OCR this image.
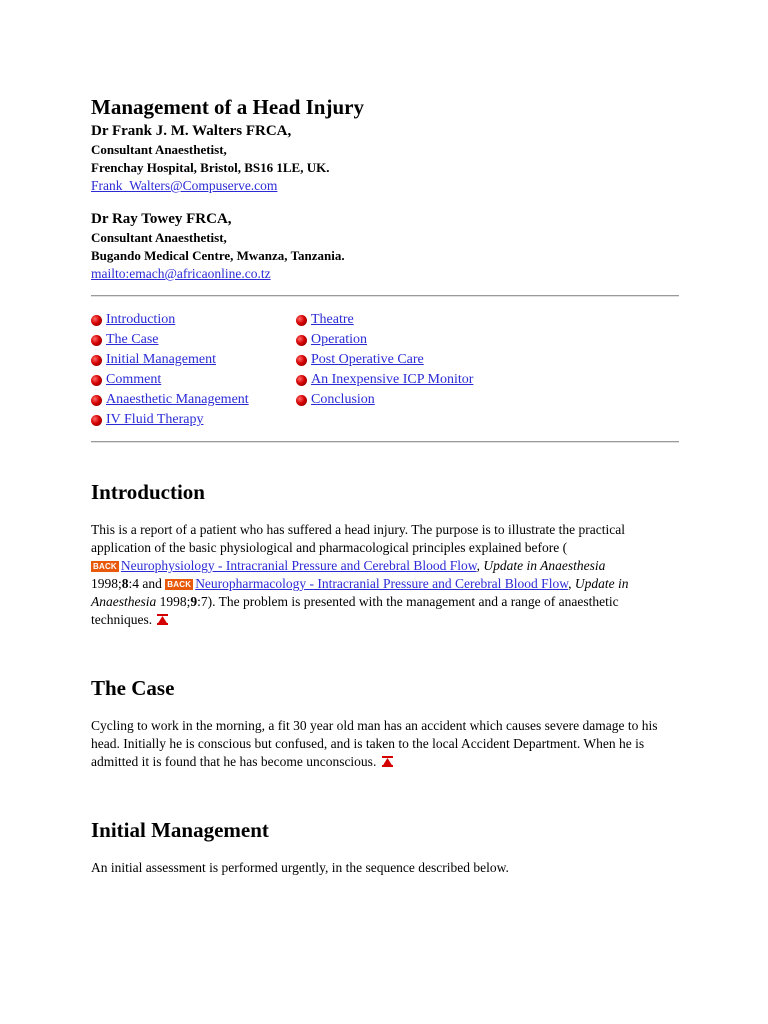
Management of a Head Injury
Dr Frank J. M. Walters FRCA,
Consultant Anaesthetist,
Frenchay Hospital, Bristol, BS16 1LE, UK.
Frank_Walters@Compuserve.com
Dr Ray Towey FRCA,
Consultant Anaesthetist,
Bugando Medical Centre, Mwanza, Tanzania.
mailto:emach@africaonline.co.tz
Introduction
The Case
Initial Management
Comment
Anaesthetic Management
IV Fluid Therapy
Theatre
Operation
Post Operative Care
An Inexpensive ICP Monitor
Conclusion
Introduction

This is a report of a patient who has suffered a head injury. The purpose is to illustrate the practical application of the basic physiological and pharmacological principles explained before (
BACK Neurophysiology - Intracranial Pressure and Cerebral Blood Flow, Update in Anaesthesia
1998;8:4 and BACK Neuropharmacology - Intracranial Pressure and Cerebral Blood Flow, Update in Anaesthesia 1998;9:7). The problem is presented with the management and a range of anaesthetic techniques.

The Case

Cycling to work in the morning, a fit 30 year old man has an accident which causes severe damage to his head. Initially he is conscious but confused, and is taken to the local Accident Department. When he is admitted it is found that he has become unconscious.

Initial Management

An initial assessment is performed urgently, in the sequence described below.
